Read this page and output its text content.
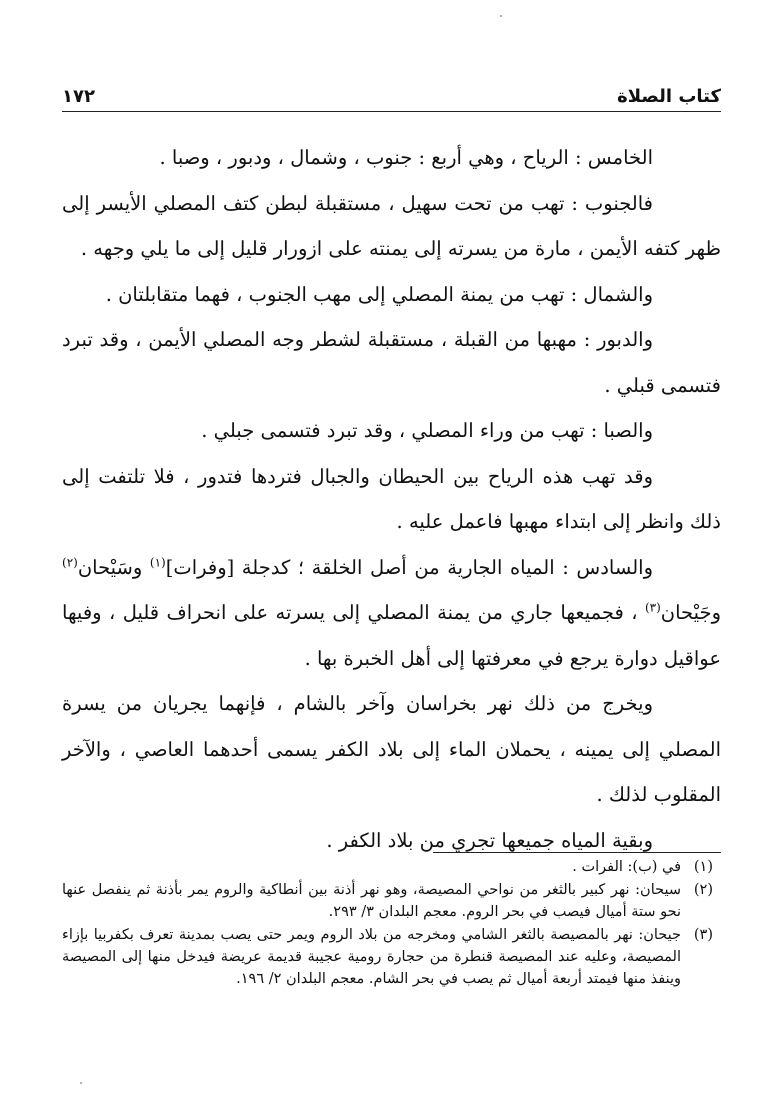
كتاب الصلاة
١٧٢

الخامس : الرياح ، وهي أربع : جنوب ، وشمال ، ودبور ، وصبا .

فالجنوب : تهب من تحت سهيل ، مستقبلة لبطن كتف المصلي الأيسر إلى ظهر كتفه الأيمن ، مارة من يسرته إلى يمنته على ازورار قليل إلى ما يلي وجهه .

والشمال : تهب من يمنة المصلي إلى مهب الجنوب ، فهما متقابلتان .

والدبور : مهبها من القبلة ، مستقبلة لشطر وجه المصلي الأيمن ، وقد تبرد فتسمى قبلي .

والصبا : تهب من وراء المصلي ، وقد تبرد فتسمى جبلي .

وقد تهب هذه الرياح بين الحيطان والجبال فتردها فتدور ، فلا تلتفت إلى ذلك وانظر إلى ابتداء مهبها فاعمل عليه .

والسادس : المياه الجارية من أصل الخلقة ؛ كدجلة [وفرات]$^{(١)}$ وسَيْحان$^{(٢)}$ وجَيْحان$^{(٣)}$ ، فجميعها جاري من يمنة المصلي إلى يسرته على انحراف قليل ، وفيها عواقيل دوارة يرجع في معرفتها إلى أهل الخبرة بها .

ويخرج من ذلك نهر بخراسان وآخر بالشام ، فإنهما يجريان من يسرة المصلي إلى يمينه ، يحملان الماء إلى بلاد الكفر يسمى أحدهما العاصي ، والآخر المقلوب لذلك .

وبقية المياه جميعها تجري من بلاد الكفر .

(١)
في (ب): الفرات .
(٢)
سيحان: نهر كبير بالثغر من نواحي المصيصة، وهو نهر أذنة بين أنطاكية والروم يمر بأذنة ثم ينفصل عنها نحو ستة أميال فيصب في بحر الروم. معجم البلدان ٣/ ٢٩٣.
(٣)
جيحان: نهر بالمصيصة بالثغر الشامي ومخرجه من بلاد الروم ويمر حتى يصب بمدينة تعرف بكفربيا بإزاء المصيصة، وعليه عند المصيصة قنطرة من حجارة رومية عجيبة قديمة عريضة فيدخل منها إلى المصيصة وينفذ منها فيمتد أربعة أميال ثم يصب في بحر الشام. معجم البلدان ٢/ ١٩٦.
